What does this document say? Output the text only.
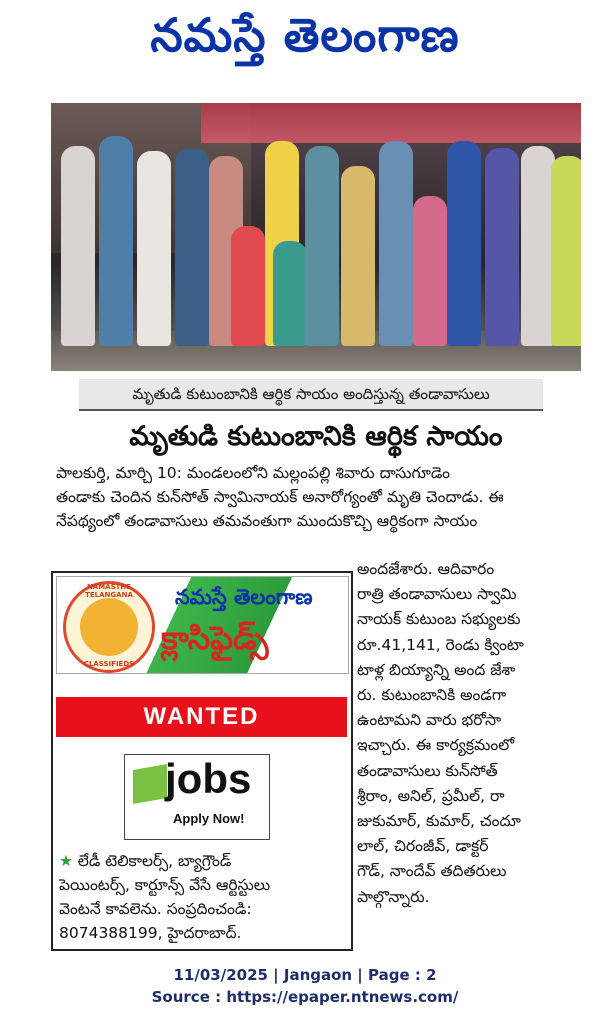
నమస్తే తెలంగాణ
మృతుడి కుటుంబానికి ఆర్థిక సాయం అందిస్తున్న తండావాసులు
మృతుడి కుటుంబానికి ఆర్థిక సాయం
పాలకుర్తి, మార్చి 10: మండలంలోని మల్లంపల్లి శివారు దాసుగూడెం
తండాకు చెందిన కున్‌సోత్ స్వామినాయక్ అనారోగ్యంతో మృతి చెందాడు. ఈ
నేపథ్యంలో తండావాసులు తమవంతుగా ముందుకొచ్చి ఆర్థికంగా సాయం
అందజేశారు. ఆదివారం
రాత్రి తండావాసులు స్వామి
నాయక్ కుటుంబ సభ్యులకు
రూ.41,141, రెండు క్వింటా
టాళ్ల బియ్యాన్ని అంద జేశా
రు. కుటుంబానికి అండగా
ఉంటామని వారు భరోసా
ఇచ్చారు. ఈ కార్యక్రమంలో
తండావాసులు కున్‌సోత్
శ్రీరాం, అనిల్, ప్రమీల్, రా
జుకుమార్, కుమార్, చందూ
లాల్, చిరంజీవ్, డాక్టర్
గౌడ్, నాందేవ్ తదితరులు
పాల్గొన్నారు.
NAMASTHE TELANGANA
CLASSIFIEDS
నమస్తే తెలంగాణ
క్లాసిఫైడ్స్
WANTED
jobs
Apply Now!
★ లేడీ టెలికాలర్స్, బ్యాగ్రౌండ్
పెయింటర్స్, కార్టూన్స్ వేసే ఆర్టిస్టులు
వెంటనే కావలెను. సంప్రదించండి:
8074388199, హైదరాబాద్.
11/03/2025 | Jangaon | Page : 2
Source : https://epaper.ntnews.com/
